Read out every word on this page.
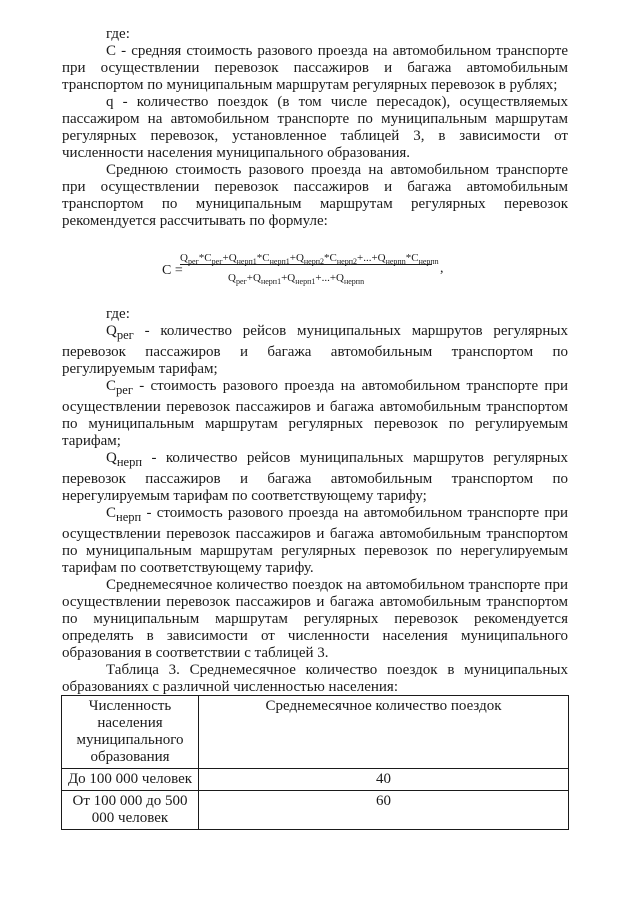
где:

С - средняя стоимость разового проезда на автомобильном транспорте при осуществлении перевозок пассажиров и багажа автомобильным транспортом по муниципальным маршрутам регулярных перевозок в рублях;

q - количество поездок (в том числе пересадок), осуществляемых пассажиром на автомобильном транспорте по муниципальным маршрутам регулярных перевозок, установленное таблицей 3, в зависимости от численности населения муниципального образования.

Среднюю стоимость разового проезда на автомобильном транспорте при осуществлении перевозок пассажиров и багажа автомобильным транспортом по муниципальным маршрутам регулярных перевозок рекомендуется рассчитывать по формуле:

C =
$Q_{рег}*C_{рег}+Q_{нерп1}*C_{нерп1}+Q_{нерп2}*C_{нерп2}+...+Q_{нерпn}*C_{нерпn}$
$Q_{рег}+Q_{нерп1}+Q_{нерп1}+...+Q_{нерпn}$
,

где:

$Q_{рег}$ - количество рейсов муниципальных маршрутов регулярных перевозок пассажиров и багажа автомобильным транспортом по регулируемым тарифам;

$C_{рег}$ - стоимость разового проезда на автомобильном транспорте при осуществлении перевозок пассажиров и багажа автомобильным транспортом по муниципальным маршрутам регулярных перевозок по регулируемым тарифам;

$Q_{нерп}$ - количество рейсов муниципальных маршрутов регулярных перевозок пассажиров и багажа автомобильным транспортом по нерегулируемым тарифам по соответствующему тарифу;

$C_{нерп}$ - стоимость разового проезда на автомобильном транспорте при осуществлении перевозок пассажиров и багажа автомобильным транспортом по муниципальным маршрутам регулярных перевозок по нерегулируемым тарифам по соответствующему тарифу.

Среднемесячное количество поездок на автомобильном транспорте при осуществлении перевозок пассажиров и багажа автомобильным транспортом по муниципальным маршрутам регулярных перевозок рекомендуется определять в зависимости от численности населения муниципального образования в соответствии с таблицей 3.

Таблица 3. Среднемесячное количество поездок в муниципальных образованиях с различной численностью населения:

Численность населения муниципального образования	Среднемесячное количество поездок
До 100 000 человек	40
От 100 000 до 500 000 человек	60
